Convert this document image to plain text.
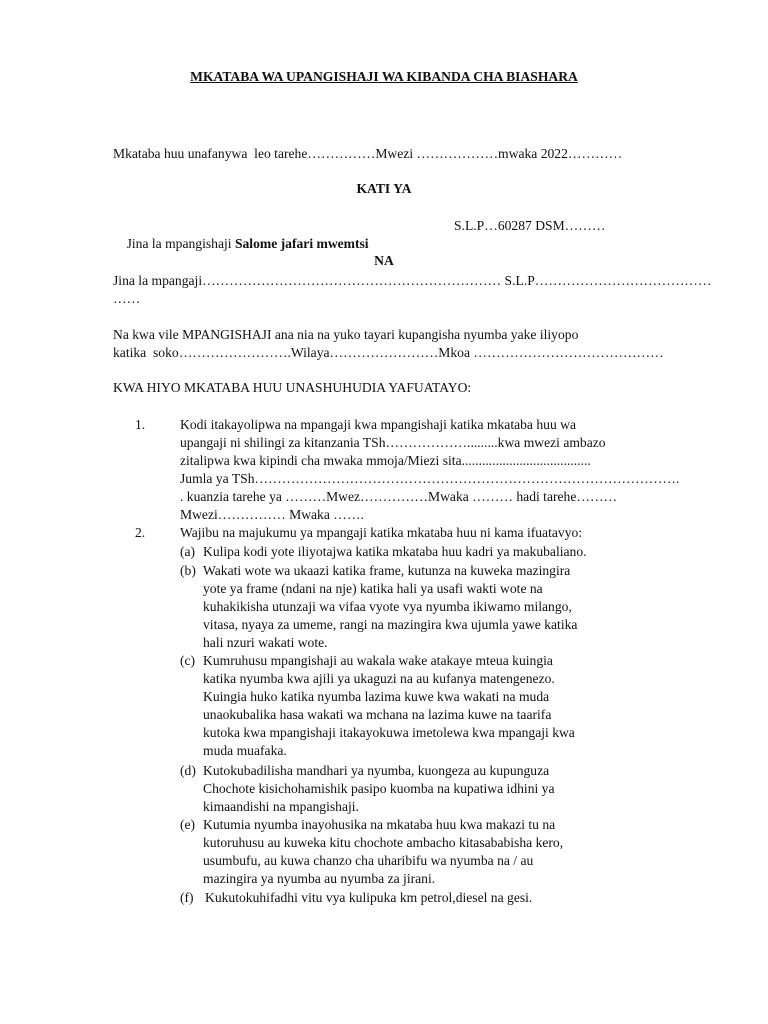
MKATABA WA UPANGISHAJI WA KIBANDA CHA BIASHARA
Mkataba huu unafanywa  leo tarehe……………Mwezi ………………mwaka 2022…………
KATI YA

Jina la mpangishaji Salome jafari mwemtsi

S.L.P…60287 DSM………
NA
Jina la mpangaji………………………………………………………… S.L.P…………………………………
……
Na kwa vile MPANGISHAJI ana nia na yuko tayari kupangisha nyumba yake iliyopo
katika  soko…………………….Wilaya……………………Mkoa ……………………………………
KWA HIYO MKATABA HUU UNASHUHUDIA YAFUATAYO:
1.	Kodi itakayolipwa na mpangaji kwa mpangishaji katika mkataba huu wa
upangaji ni shilingi za kitanzania TSh……………….........kwa mwezi ambazo
zitalipwa kwa kipindi cha mwaka mmoja/Miezi sita......................................
Jumla ya TSh………………………………………………………………………………….
. kuanzia tarehe ya ………Mwez……………Mwaka ……… hadi tarehe………
Mwezi…………… Mwaka …….
2.	Wajibu na majukumu ya mpangaji katika mkataba huu ni kama ifuatavyo:
(a) Kulipa kodi yote iliyotajwa katika mkataba huu kadri ya makubaliano.
(b) Wakati wote wa ukaazi katika frame, kutunza na kuweka mazingira
yote ya frame (ndani na nje) katika hali ya usafi wakti wote na
kuhakikisha utunzaji wa vifaa vyote vya nyumba ikiwamo milango,
vitasa, nyaya za umeme, rangi na mazingira kwa ujumla yawe katika
hali nzuri wakati wote.
(c) Kumruhusu mpangishaji au wakala wake atakaye mteua kuingia
katika nyumba kwa ajili ya ukaguzi na au kufanya matengenezo.
Kuingia huko katika nyumba lazima kuwe kwa wakati na muda
unaokubalika hasa wakati wa mchana na lazima kuwe na taarifa
kutoka kwa mpangishaji itakayokuwa imetolewa kwa mpangaji kwa
muda muafaka.
(d) Kutokubadilisha mandhari ya nyumba, kuongeza au kupunguza
Chochote kisichohamishik pasipo kuomba na kupatiwa idhini ya
kimaandishi na mpangishaji.
(e) Kutumia nyumba inayohusika na mkataba huu kwa makazi tu na
kutoruhusu au kuweka kitu chochote ambacho kitasababisha kero,
usumbufu, au kuwa chanzo cha uharibifu wa nyumba na / au
mazingira ya nyumba au nyumba za jirani.
(f) Kukutokuhifadhi vitu vya kulipuka km petrol,diesel na gesi.
